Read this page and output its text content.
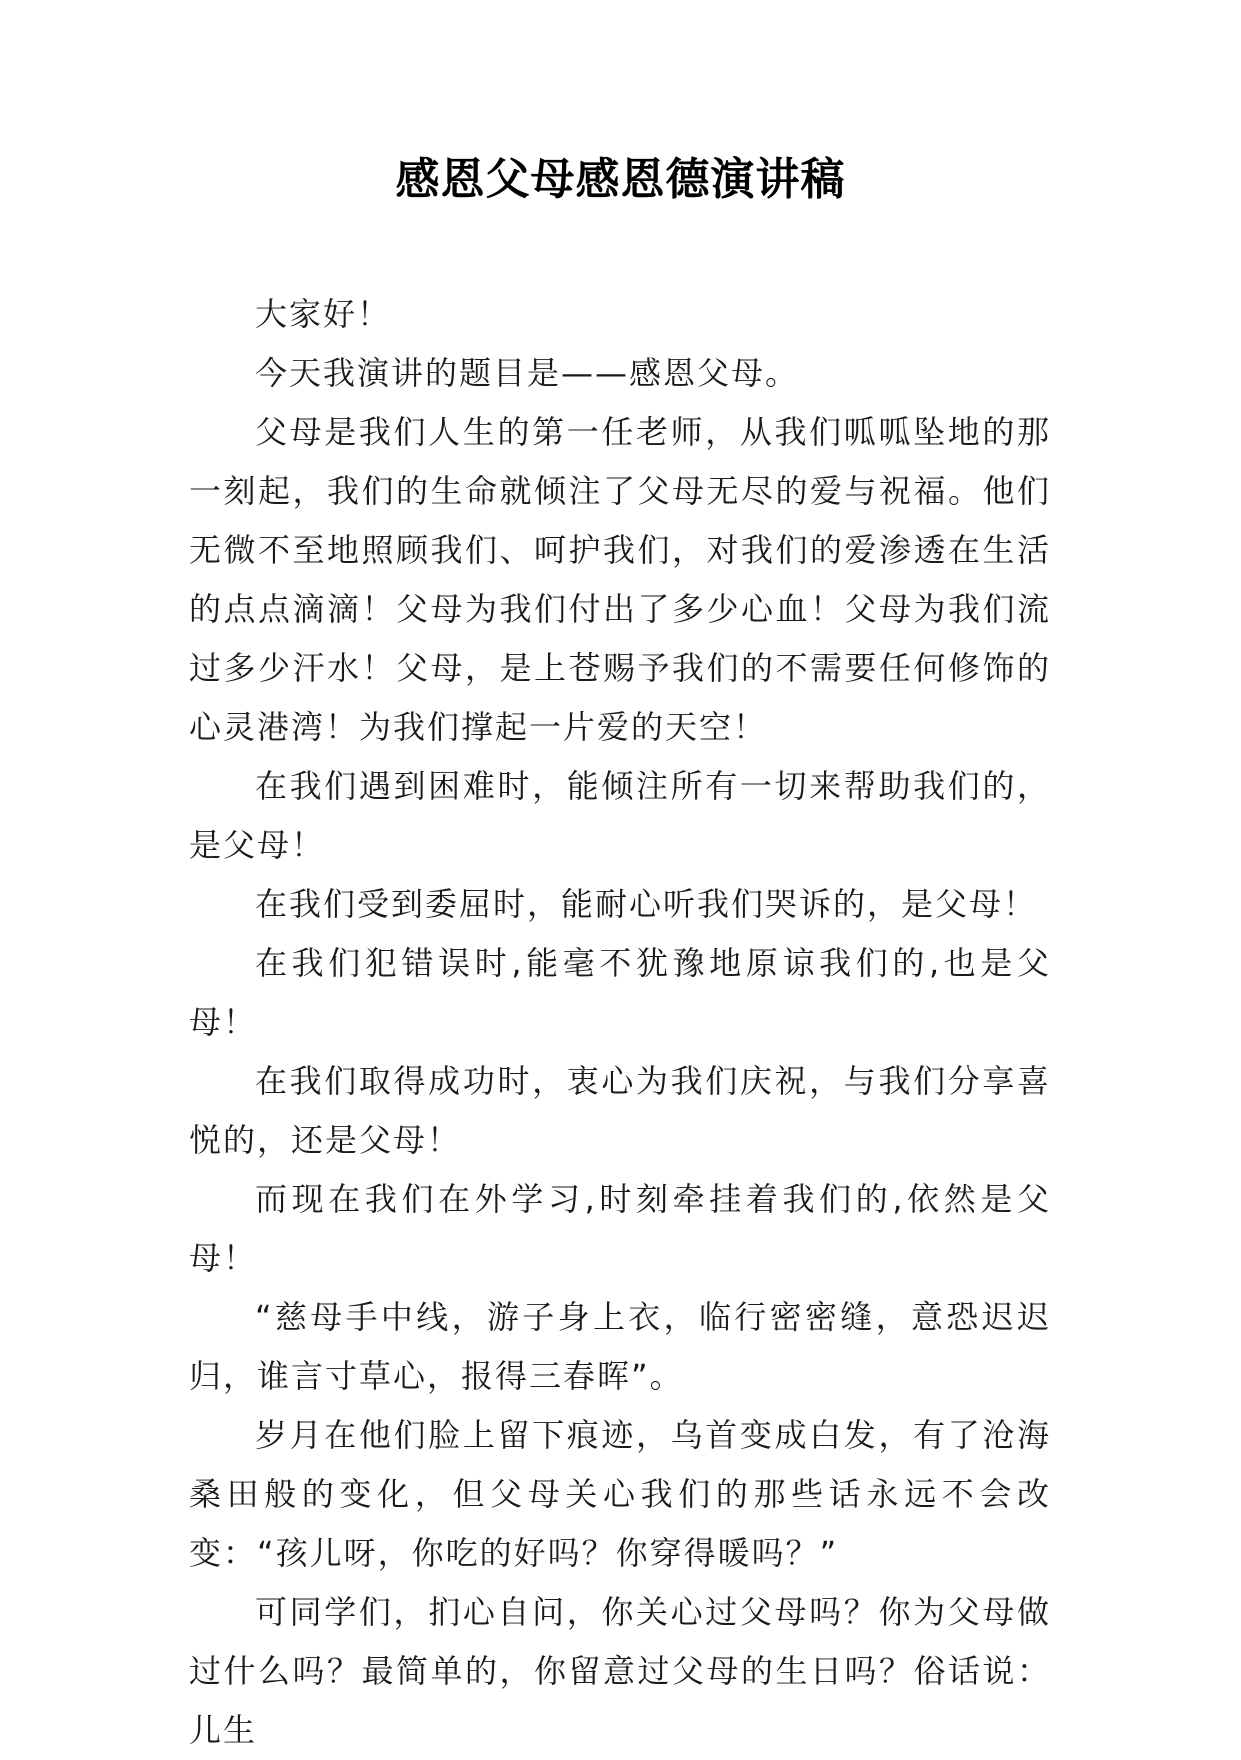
感恩父母感恩德演讲稿

大家好！

今天我演讲的题目是——感恩父母。

父母是我们人生的第一任老师，从我们呱呱坠地的那一刻起，我们的生命就倾注了父母无尽的爱与祝福。他们无微不至地照顾我们、呵护我们，对我们的爱渗透在生活的点点滴滴！父母为我们付出了多少心血！父母为我们流过多少汗水！父母，是上苍赐予我们的不需要任何修饰的心灵港湾！为我们撑起一片爱的天空！

在我们遇到困难时，能倾注所有一切来帮助我们的，是父母！

在我们受到委屈时，能耐心听我们哭诉的，是父母！

在我们犯错误时,能毫不犹豫地原谅我们的,也是父母！

在我们取得成功时，衷心为我们庆祝，与我们分享喜悦的，还是父母！

而现在我们在外学习,时刻牵挂着我们的,依然是父母！

“慈母手中线，游子身上衣，临行密密缝，意恐迟迟归，谁言寸草心，报得三春晖”。

岁月在他们脸上留下痕迹，乌首变成白发，有了沧海桑田般的变化，但父母关心我们的那些话永远不会改变：“孩儿呀，你吃的好吗？你穿得暖吗？”

可同学们，扪心自问，你关心过父母吗？你为父母做过什么吗？最简单的，你留意过父母的生日吗？俗话说：儿生
